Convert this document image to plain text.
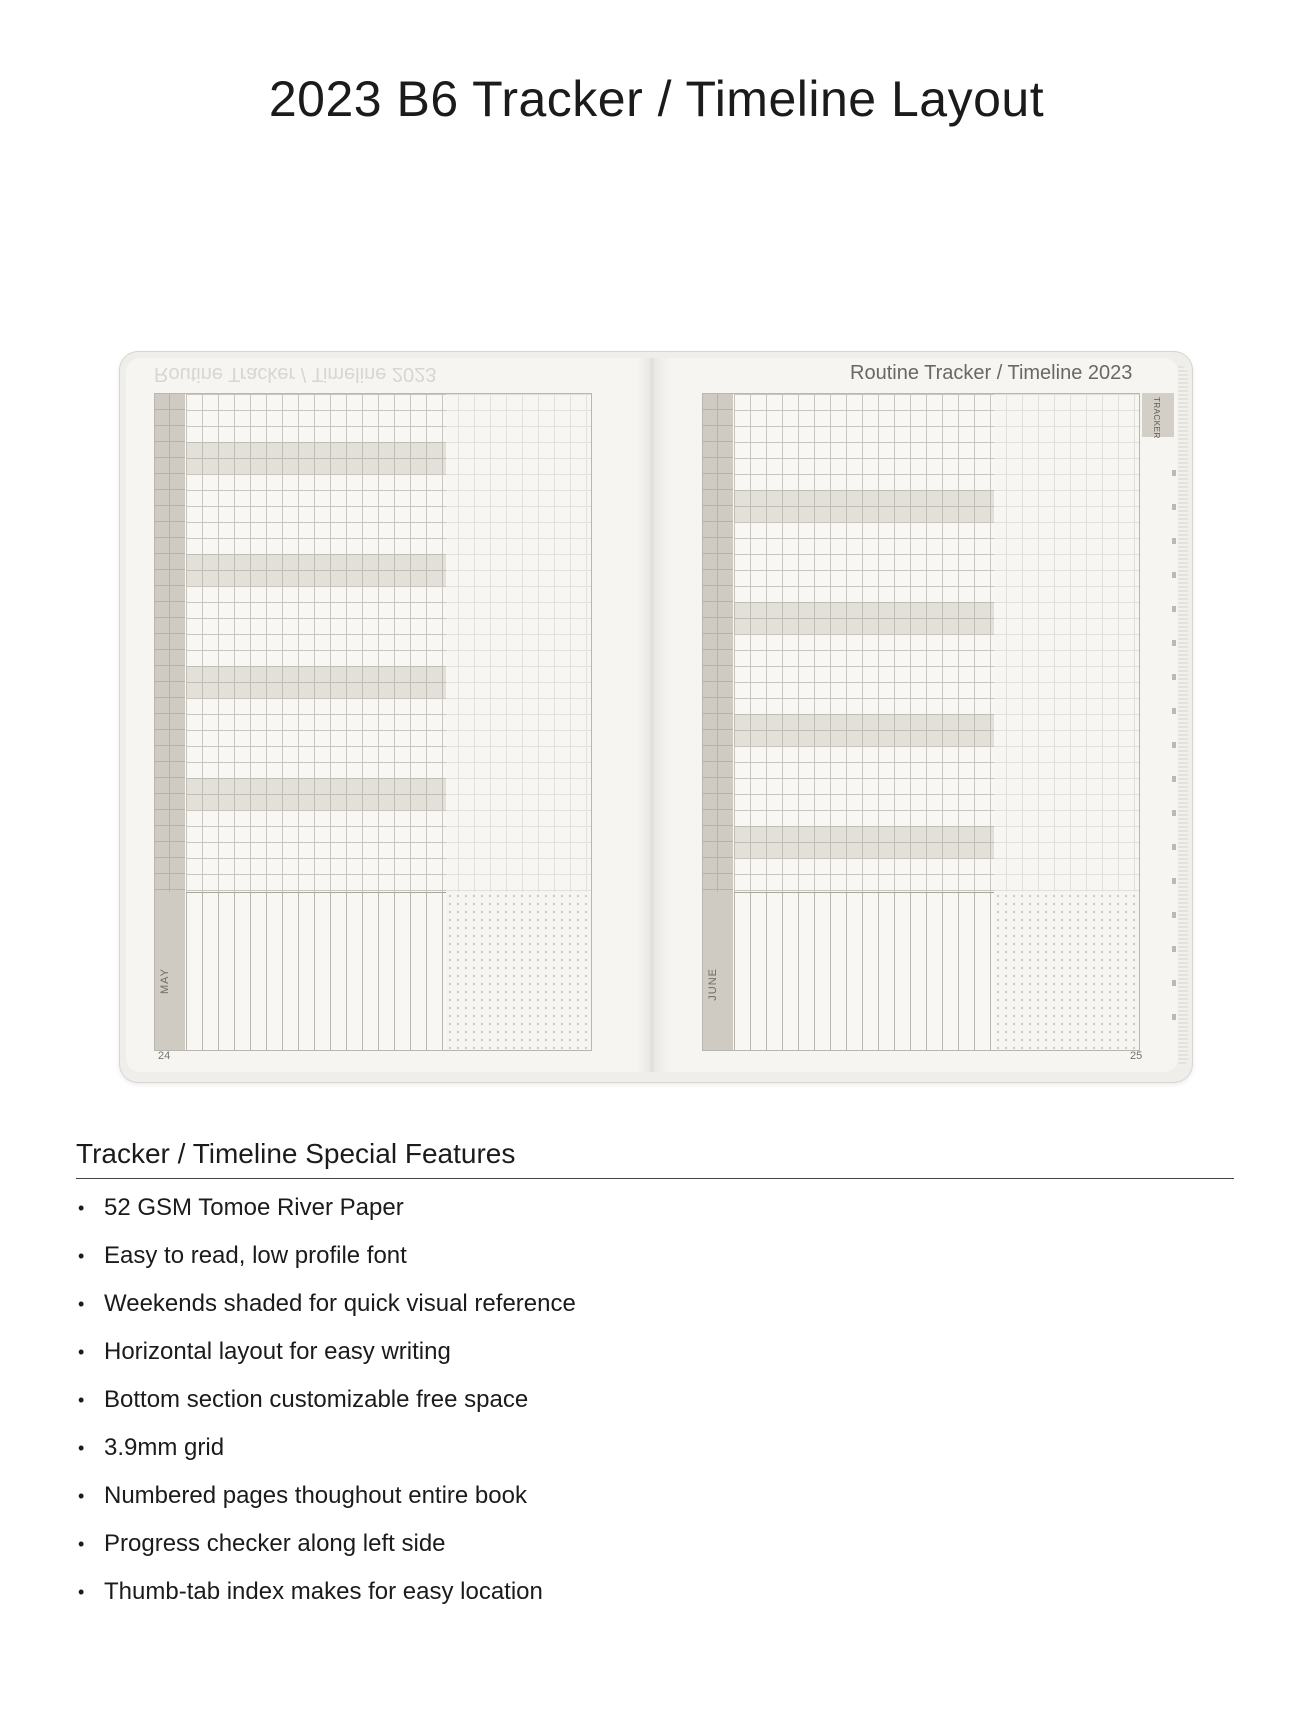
2023 B6 Tracker / Timeline Layout
Routine Tracker / Timeline 2023	Routine Tracker / Timeline 2023
MAY	JUNE
TRACKER
24	25
Tracker / Timeline Special Features
• 52 GSM Tomoe River Paper
• Easy to read, low profile font
• Weekends shaded for quick visual reference
• Horizontal layout for easy writing
• Bottom section customizable free space
• 3.9mm grid
• Numbered pages thoughout entire book
• Progress checker along left side
• Thumb-tab index makes for easy location
